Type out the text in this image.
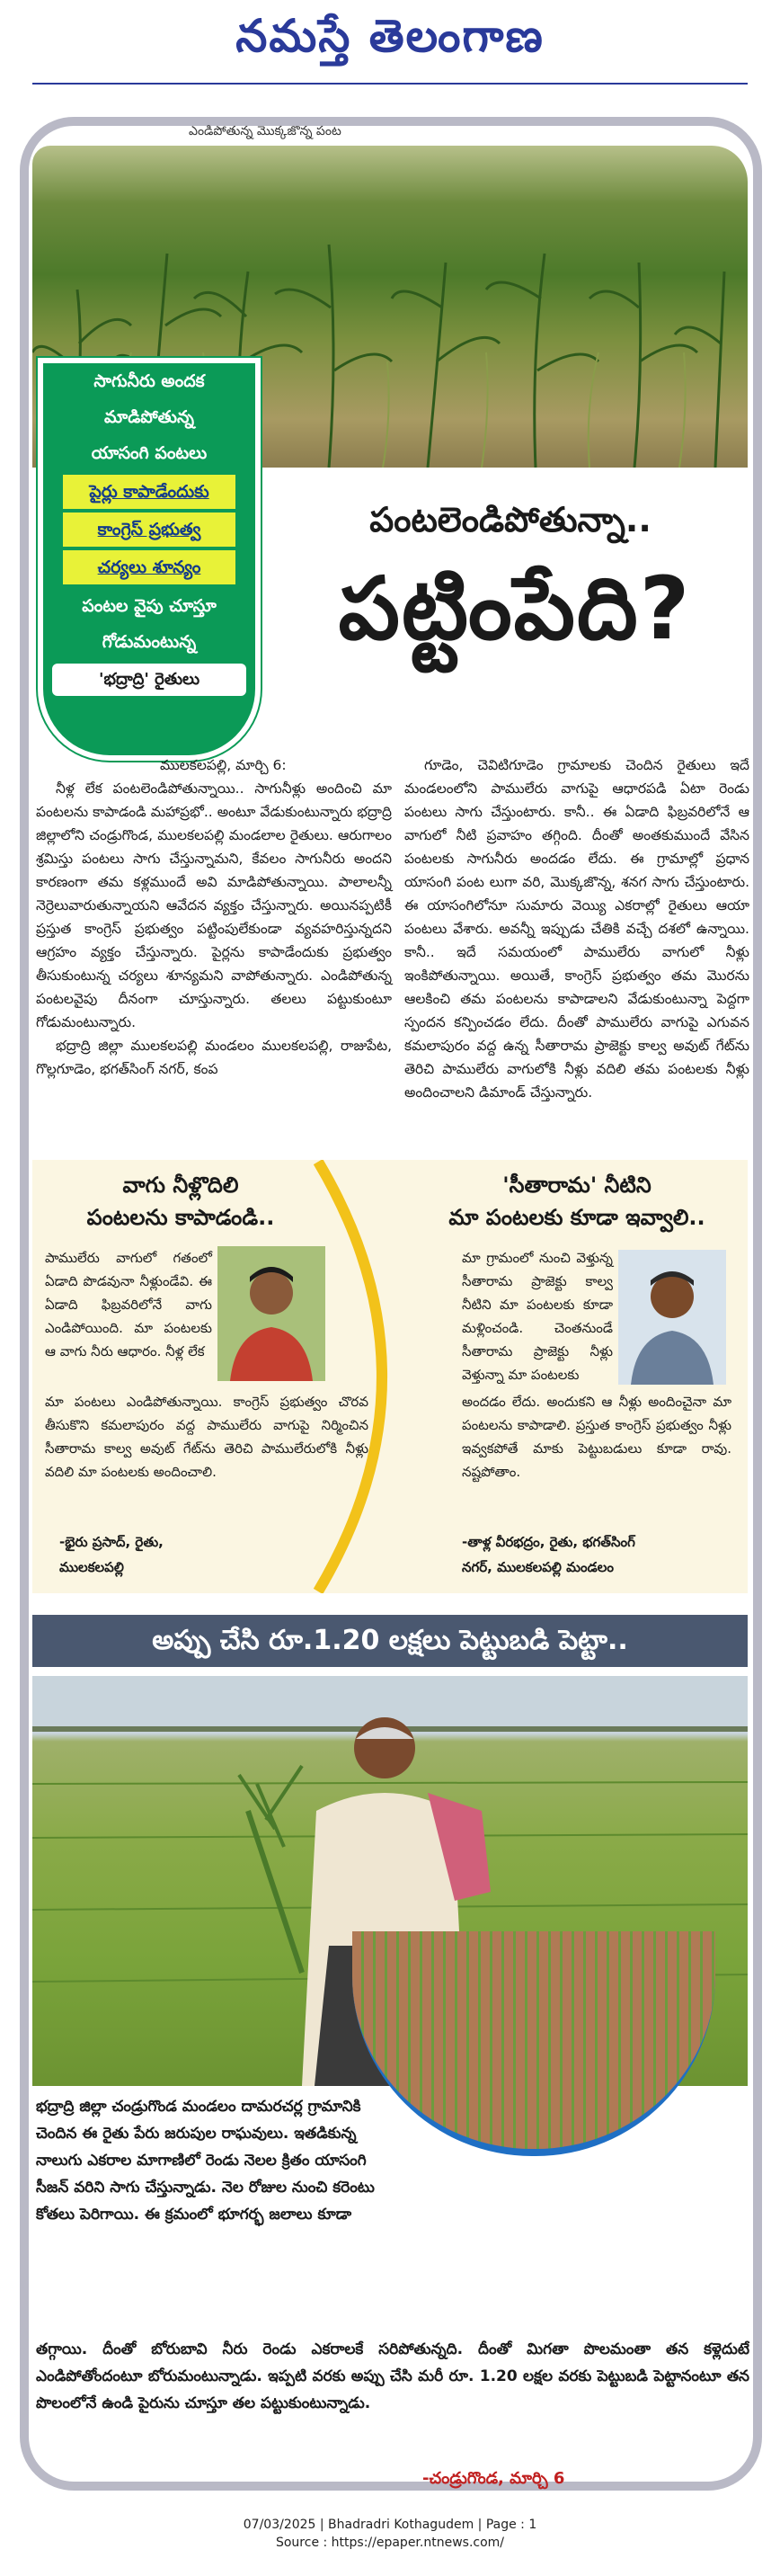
నమస్తే తెలంగాణ
ఎండిపోతున్న మొక్కజొన్న పంట
సాగునీరు అందక
మాడిపోతున్న
యాసంగి పంటలు
పైర్లు కాపాడేందుకు
కాంగ్రెస్ ప్రభుత్వ
చర్యలు శూన్యం
పంటల వైపు చూస్తూ
గోడుమంటున్న
'భద్రాద్రి' రైతులు
పంటలెండిపోతున్నా..
పట్టింపేది?
ములకలపల్లి, మార్చి 6:

నీళ్ల లేక పంటలెండిపోతున్నాయి.. సాగునీళ్లు అందించి మా పంటలను కాపాడండి మహాప్రభో.. అంటూ వేడుకుంటున్నారు భద్రాద్రి జిల్లాలోని చండ్రుగొండ, ములకలపల్లి మండలాల రైతులు. ఆరుగాలం శ్రమిస్తు పంటలు సాగు చేస్తున్నామని, కేవలం సాగునీరు అందని కారణంగా తమ కళ్లముందే అవి మాడిపోతున్నాయి. పాలాలన్నీ నెర్రెలువారుతున్నాయని ఆవేదన వ్యక్తం చేస్తున్నారు. అయినప్పటికీ ప్రస్తుత కాంగ్రెస్ ప్రభుత్వం పట్టింపులేకుండా వ్యవహరిస్తున్నదని ఆగ్రహం వ్యక్తం చేస్తున్నారు. పైర్లను కాపాడేందుకు ప్రభుత్వం తీసుకుంటున్న చర్యలు శూన్యమని వాపోతున్నారు. ఎండిపోతున్న పంటలవైపు దీనంగా చూస్తున్నారు. తలలు పట్టుకుంటూ గోడుమంటున్నారు.

భద్రాద్రి జిల్లా ములకలపల్లి మండలం ములకలపల్లి, రాజుపేట, గొల్లగూడెం, భగత్‌సింగ్ నగర్, కంప

గూడెం, చెవిటిగూడెం గ్రామాలకు చెందిన రైతులు ఇదే మండలంలోని పాములేరు వాగుపై ఆధారపడి ఏటా రెండు పంటలు సాగు చేస్తుంటారు. కానీ.. ఈ ఏడాది ఫిబ్రవరిలోనే ఆ వాగులో నీటి ప్రవాహం తగ్గింది. దీంతో అంతకుముందే వేసిన పంటలకు సాగునీరు అందడం లేదు. ఈ గ్రామాల్లో ప్రధాన యాసంగి పంట లుగా వరి, మొక్కజొన్న, శనగ సాగు చేస్తుంటారు. ఈ యాసంగిలోనూ సుమారు వెయ్యి ఎకరాల్లో రైతులు ఆయా పంటలు వేశారు. అవన్నీ ఇప్పుడు చేతికి వచ్చే దశలో ఉన్నాయి. కానీ.. ఇదే సమయంలో పాములేరు వాగులో నీళ్లు ఇంకిపోతున్నాయి. అయితే, కాంగ్రెస్ ప్రభుత్వం తమ మొరను ఆలకించి తమ పంటలను కాపాడాలని వేడుకుంటున్నా పెద్దగా స్పందన కన్పించడం లేదు. దీంతో పాములేరు వాగుపై ఎగువన కమలాపురం వద్ద ఉన్న సీతారామ ప్రాజెక్టు కాల్వ అవుట్ గేట్‌ను తెరిచి పాములేరు వాగులోకి నీళ్లు వదిలి తమ పంటలకు నీళ్లు అందించాలని డిమాండ్ చేస్తున్నారు.

వాగు నీళ్లొదిలి
పంటలను కాపాడండి..
పాములేరు వాగులో గతంలో ఏడాది పొడవునా నీళ్లుండేవి. ఈ ఏడాది ఫిబ్రవరిలోనే వాగు ఎండిపోయింది. మా పంటలకు ఆ వాగు నీరు ఆధారం. నీళ్ల లేక
మా పంటలు ఎండిపోతున్నాయి. కాంగ్రెస్ ప్రభుత్వం చొరవ తీసుకొని కమలాపురం వద్ద పాములేరు వాగుపై నిర్మించిన సీతారామ కాల్వ అవుట్ గేట్‌ను తెరిచి పాములేరులోకి నీళ్లు వదిలి మా పంటలకు అందించాలి.
-భైరు ప్రసాద్, రైతు,
ములకలపల్లి
'సీతారామ' నీటిని
మా పంటలకు కూడా ఇవ్వాలి..
మా గ్రామంలో నుంచి వెళ్తున్న సీతారామ ప్రాజెక్టు కాల్వ నీటిని మా పంటలకు కూడా మళ్లించండి. చెంతనుండే సీతారామ ప్రాజెక్టు నీళ్లు వెళ్తున్నా మా పంటలకు
అందడం లేదు. అందుకని ఆ నీళ్లు అందించైనా మా పంటలను కాపాడాలి. ప్రస్తుత కాంగ్రెస్ ప్రభుత్వం నీళ్లు ఇవ్వకపోతే మాకు పెట్టుబడులు కూడా రావు. నష్టపోతాం.
-తాళ్ల వీరభద్రం, రైతు, భగత్‌సింగ్
నగర్, ములకలపల్లి మండలం
అప్పు చేసి రూ.1.20 లక్షలు పెట్టుబడి పెట్టా..
భద్రాద్రి జిల్లా చండ్రుగొండ మండలం దామరచర్ల గ్రామానికి చెందిన ఈ రైతు పేరు జరుపుల రాఘవులు. ఇతడికున్న నాలుగు ఎకరాల మాగాణిలో రెండు నెలల క్రితం యాసంగి సీజన్ వరిని సాగు చేస్తున్నాడు. నెల రోజుల నుంచి కరెంటు కోతలు పెరిగాయి. ఈ క్రమంలో భూగర్భ జలాలు కూడా
తగ్గాయి. దీంతో బోరుబావి నీరు రెండు ఎకరాలకే సరిపోతున్నది. దీంతో మిగతా పొలమంతా తన కళ్లెదుటే ఎండిపోతోందంటూ బోరుమంటున్నాడు. ఇప్పటి వరకు అప్పు చేసి మరీ రూ. 1.20 లక్షల వరకు పెట్టుబడి పెట్టానంటూ తన పొలంలోనే ఉండి పైరును చూస్తూ తల పట్టుకుంటున్నాడు.
-చండ్రుగొండ, మార్చి 6
07/03/2025 | Bhadradri Kothagudem | Page : 1
Source : https://epaper.ntnews.com/
